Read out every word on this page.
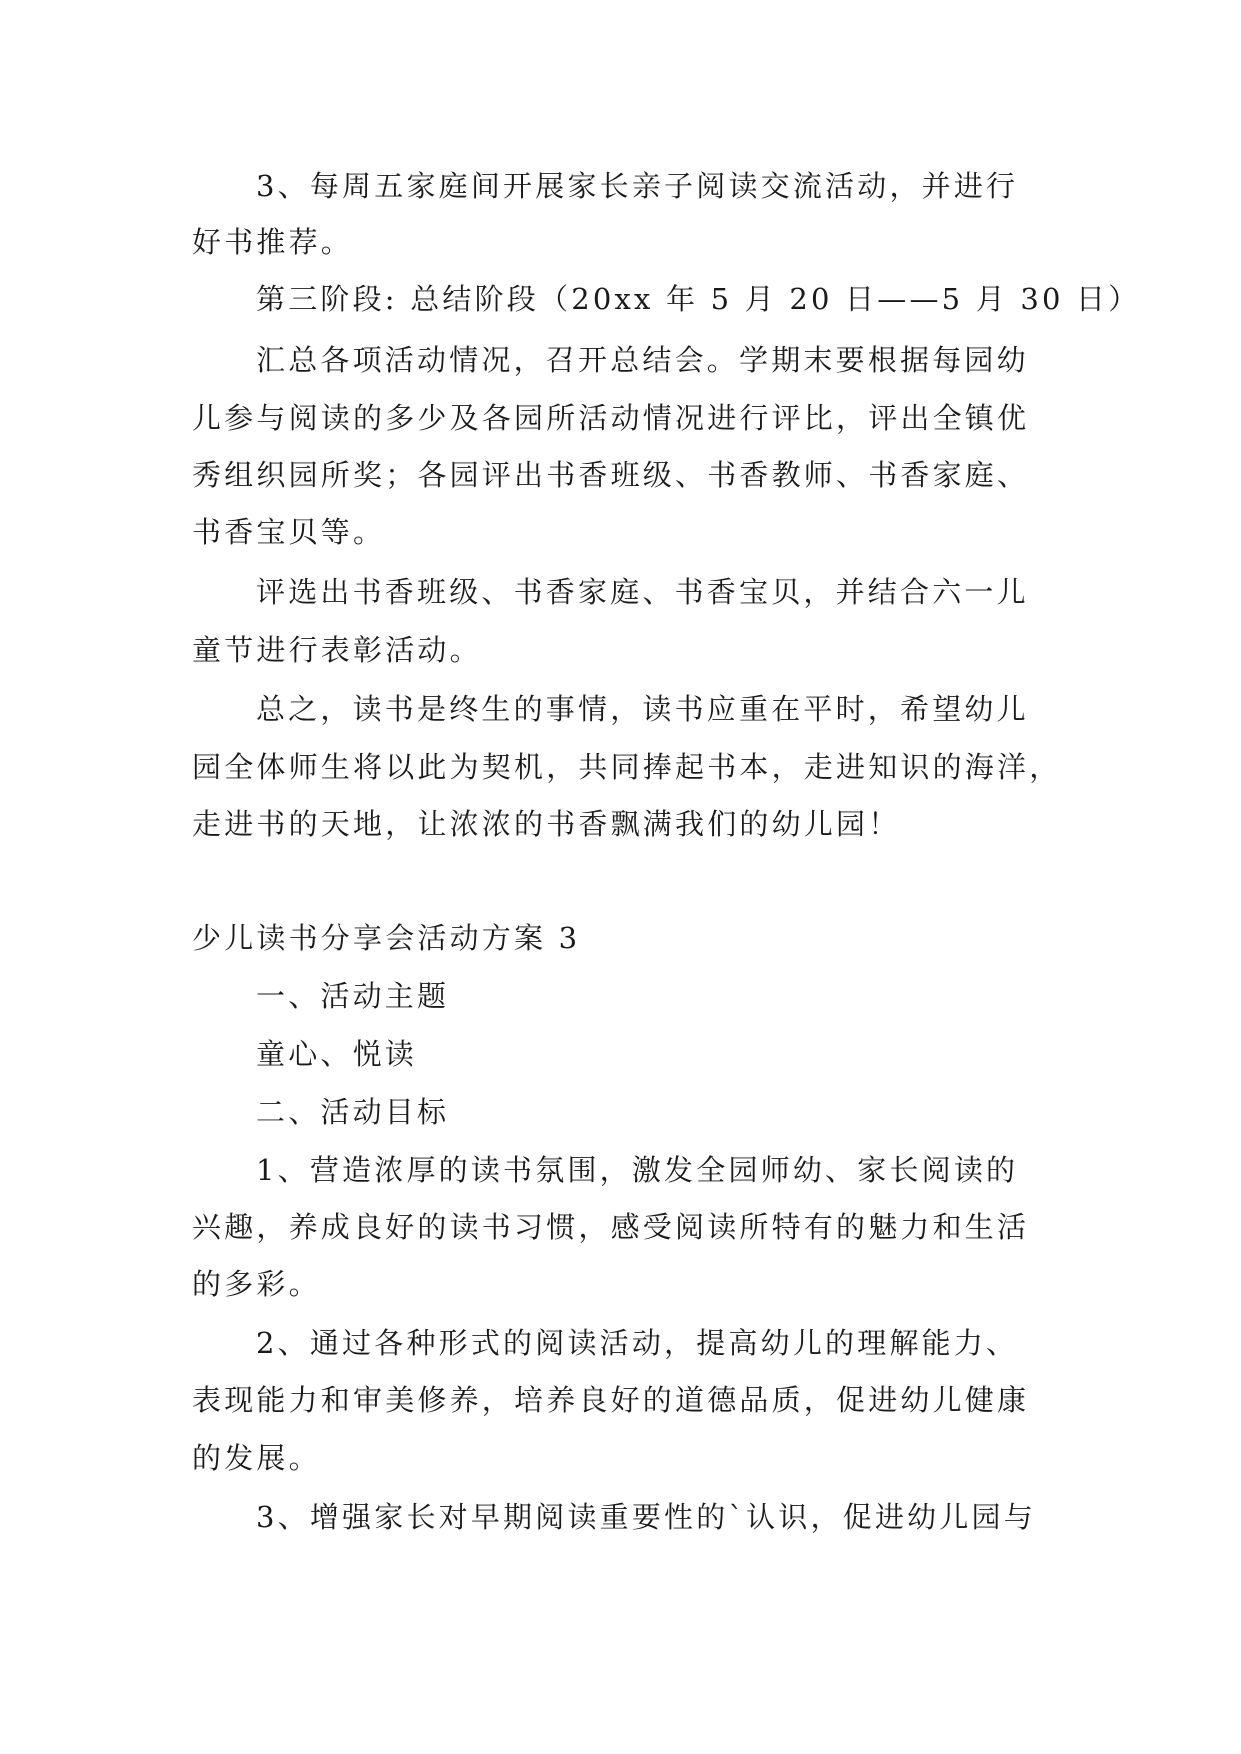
3、每周五家庭间开展家长亲子阅读交流活动，并进行
好书推荐。
第三阶段: 总结阶段（20xx 年 5 月 20 日——5 月 30 日）
汇总各项活动情况，召开总结会。学期末要根据每园幼
儿参与阅读的多少及各园所活动情况进行评比，评出全镇优
秀组织园所奖；各园评出书香班级、书香教师、书香家庭、
书香宝贝等。
评选出书香班级、书香家庭、书香宝贝，并结合六一儿
童节进行表彰活动。
总之，读书是终生的事情，读书应重在平时，希望幼儿
园全体师生将以此为契机，共同捧起书本，走进知识的海洋，
走进书的天地，让浓浓的书香飘满我们的幼儿园！
少儿读书分享会活动方案 3
一、活动主题
童心、悦读
二、活动目标
1、营造浓厚的读书氛围，激发全园师幼、家长阅读的
兴趣，养成良好的读书习惯，感受阅读所特有的魅力和生活
的多彩。
2、通过各种形式的阅读活动，提高幼儿的理解能力、
表现能力和审美修养，培养良好的道德品质，促进幼儿健康
的发展。
3、增强家长对早期阅读重要性的`认识，促进幼儿园与
